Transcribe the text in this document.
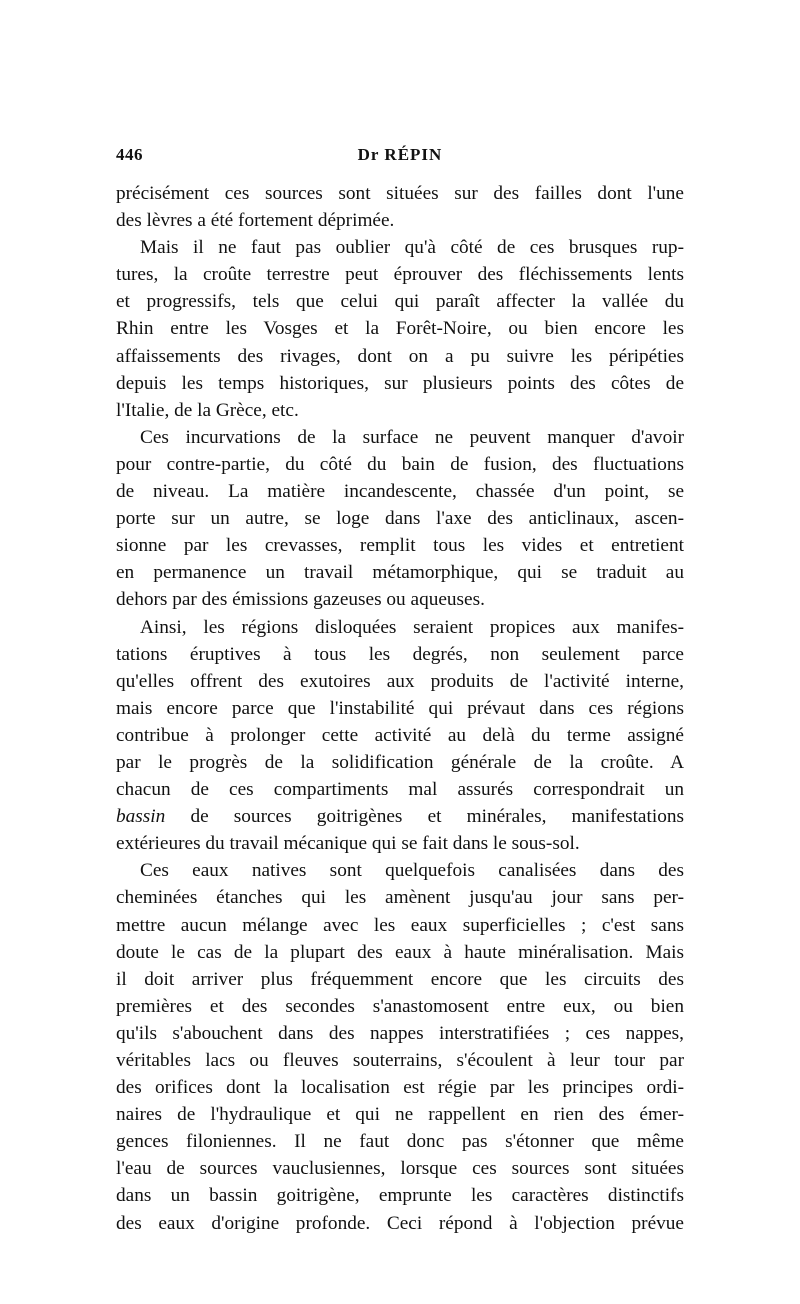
446	Dr RÉPIN
précisément ces sources sont situées sur des failles dont l'une
des lèvres a été fortement déprimée.
Mais il ne faut pas oublier qu'à côté de ces brusques rup-
tures, la croûte terrestre peut éprouver des fléchissements lents
et progressifs, tels que celui qui paraît affecter la vallée du
Rhin entre les Vosges et la Forêt-Noire, ou bien encore les
affaissements des rivages, dont on a pu suivre les péripéties
depuis les temps historiques, sur plusieurs points des côtes de
l'Italie, de la Grèce, etc.
Ces incurvations de la surface ne peuvent manquer d'avoir
pour contre-partie, du côté du bain de fusion, des fluctuations
de niveau. La matière incandescente, chassée d'un point, se
porte sur un autre, se loge dans l'axe des anticlinaux, ascen-
sionne par les crevasses, remplit tous les vides et entretient
en permanence un travail métamorphique, qui se traduit au
dehors par des émissions gazeuses ou aqueuses.
Ainsi, les régions disloquées seraient propices aux manifes-
tations éruptives à tous les degrés, non seulement parce
qu'elles offrent des exutoires aux produits de l'activité interne,
mais encore parce que l'instabilité qui prévaut dans ces régions
contribue à prolonger cette activité au delà du terme assigné
par le progrès de la solidification générale de la croûte. A
chacun de ces compartiments mal assurés correspondrait un
bassin de sources goitrigènes et minérales, manifestations
extérieures du travail mécanique qui se fait dans le sous-sol.
Ces eaux natives sont quelquefois canalisées dans des
cheminées étanches qui les amènent jusqu'au jour sans per-
mettre aucun mélange avec les eaux superficielles ; c'est sans
doute le cas de la plupart des eaux à haute minéralisation. Mais
il doit arriver plus fréquemment encore que les circuits des
premières et des secondes s'anastomosent entre eux, ou bien
qu'ils s'abouchent dans des nappes interstratifiées ; ces nappes,
véritables lacs ou fleuves souterrains, s'écoulent à leur tour par
des orifices dont la localisation est régie par les principes ordi-
naires de l'hydraulique et qui ne rappellent en rien des émer-
gences filoniennes. Il ne faut donc pas s'étonner que même
l'eau de sources vauclusiennes, lorsque ces sources sont situées
dans un bassin goitrigène, emprunte les caractères distinctifs
des eaux d'origine profonde. Ceci répond à l'objection prévue
